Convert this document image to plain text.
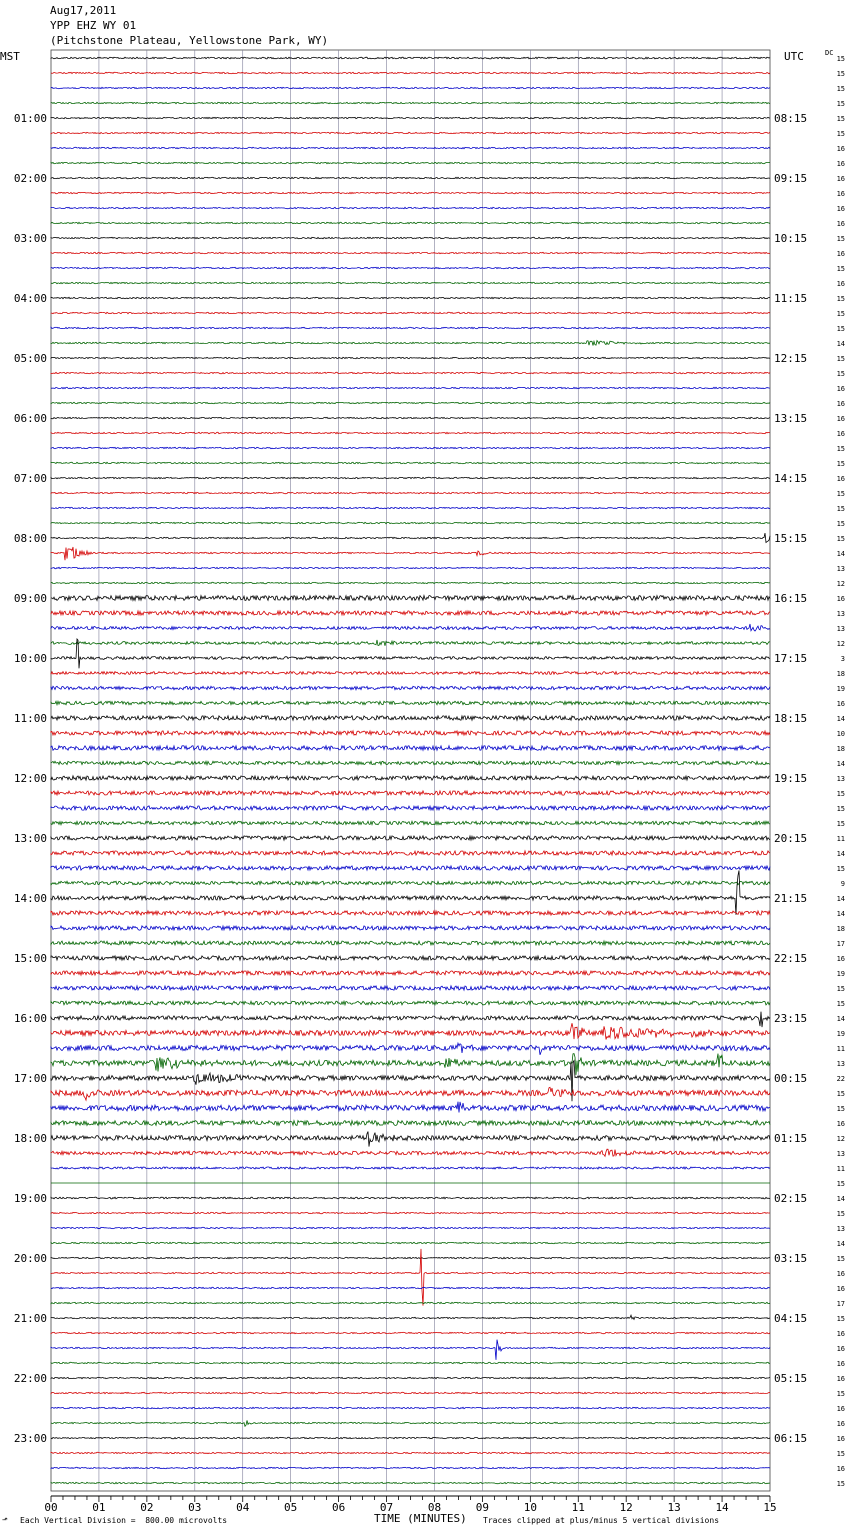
Aug17,2011
YPP EHZ WY 01
(Pitchstone Plateau, Yellowstone Park, WY)
MST	UTC	DC
01:00
02:00
03:00
04:00
05:00
06:00
07:00
08:00
09:00
10:00
11:00
12:00
13:00
14:00
15:00
16:00
17:00
18:00
19:00
20:00
21:00
22:00
23:00
08:15
09:15
10:15
11:15
12:15
13:15
14:15
15:15
16:15
17:15
18:15
19:15
20:15
21:15
22:15
23:15
00:15
01:15
02:15
03:15
04:15
05:15
06:15
15
15
15
15
15
15
16
16
16
16
16
16
15
16
15
16
15
15
15
14
15
15
16
16
16
16
15
15
16
15
15
15
15
14
13
12
16
13
13
12
3
18
19
16
14
10
18
14
13
15
15
15
11
14
15
9
14
14
18
17
16
19
15
15
14
19
11
13
22
15
15
16
12
13
11
15
14
15
13
14
15
16
16
17
15
16
16
16
16
15
16
16
16
15
16
15
00	01	02	03	04	05	06	07	08	09	10	11	12	13	14	15
TIME (MINUTES)
⬏ Each Vertical Division =  800.00 microvolts	Traces clipped at plus/minus 5 vertical divisions
